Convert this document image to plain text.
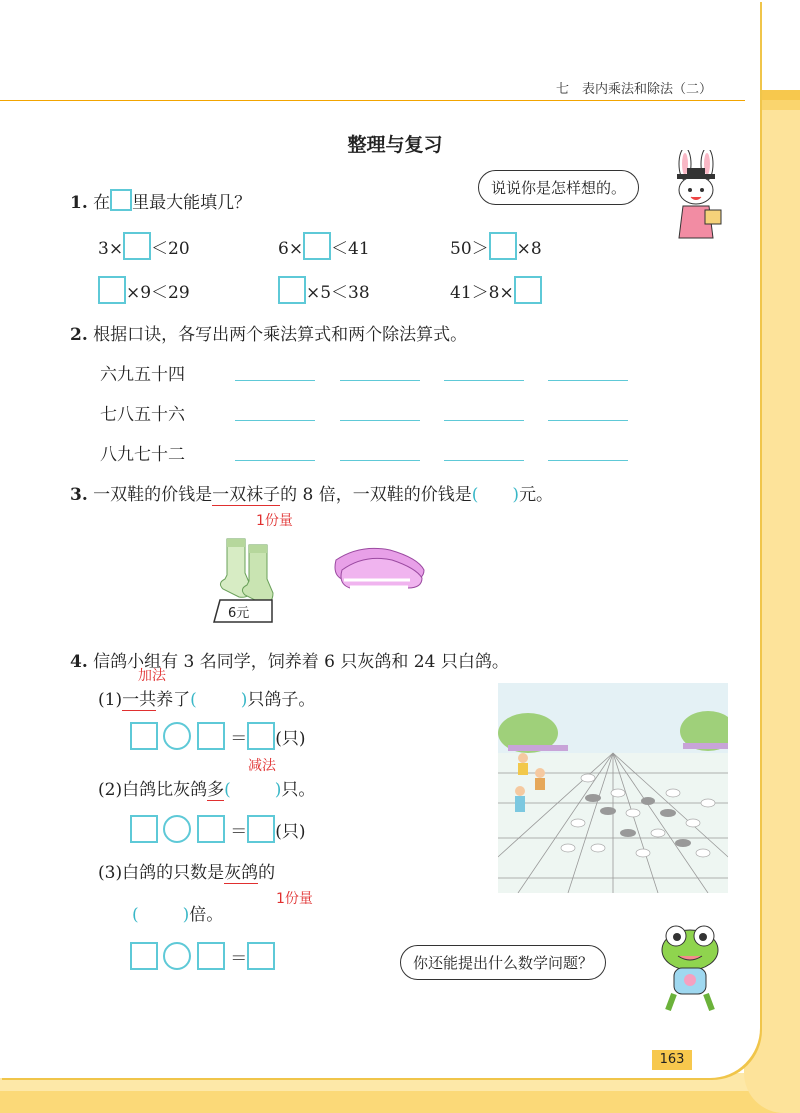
七　表内乘法和除法（二）
整理与复习
说说你是怎样想的。
1. 在 里最大能填几？
3× ＜20	6× ＜41	50＞ ×8
×9＜29	×5＜38	41＞8×
2. 根据口诀，各写出两个乘法算式和两个除法算式。
六九五十四
七八五十六
八九七十二
3. 一双鞋的价钱是一双袜子的 8 倍，一双鞋的价钱是( )元。
1份量
6元
4. 信鸽小组有 3 名同学，饲养着 6 只灰鸽和 24 只白鸽。
加法
(1)一共养了(	)只鸽子。
＝ (只)
减法
(2)白鸽比灰鸽多(	)只。
＝ (只)
(3)白鸽的只数是灰鸽的
1份量
(	)倍。
＝	你还能提出什么数学问题？
163
